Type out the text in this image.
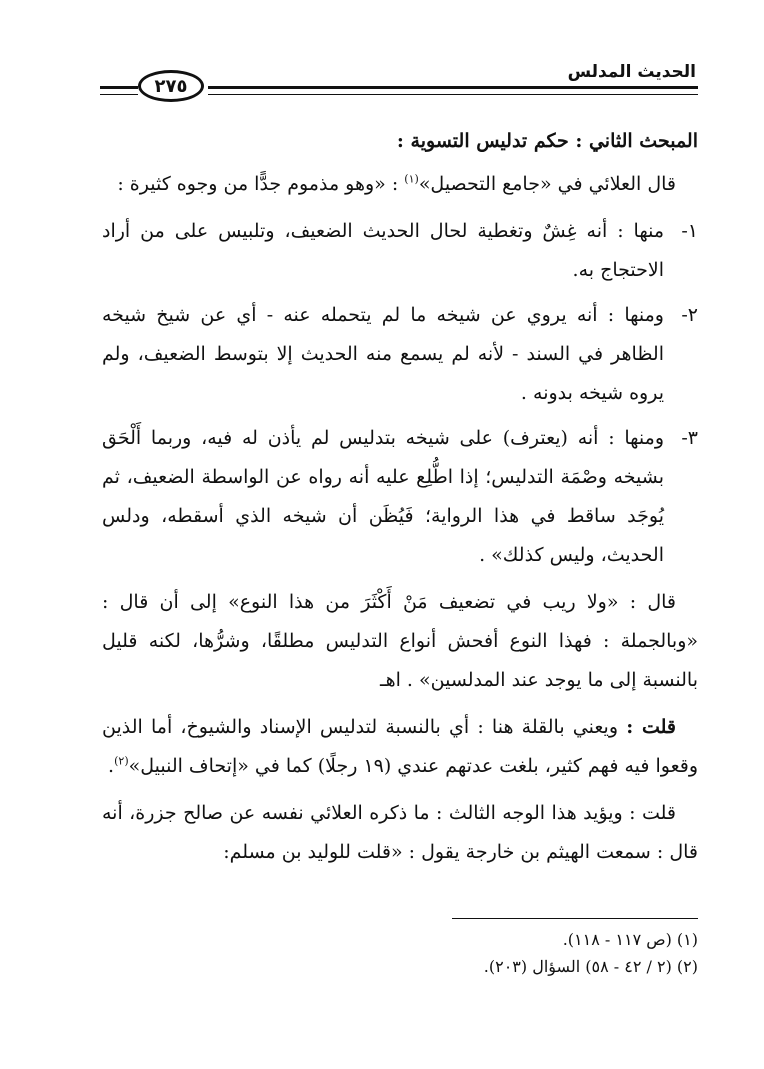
الحديث المدلس
٢٧٥

المبحث الثاني : حكم تدليس التسوية :

قال العلائي في «جامع التحصيل»$^{(١)}$ : «وهو مذموم جدًّا من وجوه كثيرة :

١-
منها : أنه غِشٌ وتغطية لحال الحديث الضعيف، وتلبيس على من أراد الاحتجاج به.
٢-
ومنها : أنه يروي عن شيخه ما لم يتحمله عنه - أي عن شيخ شيخه الظاهر في السند - لأنه لم يسمع منه الحديث إلا بتوسط الضعيف، ولم يروه شيخه بدونه .
٣-
ومنها : أنه (يعترف) على شيخه بتدليس لم يأذن له فيه، وربما أَلْحَق بشيخه وصْمَة التدليس؛ إذا اطُّلِع عليه أنه رواه عن الواسطة الضعيف، ثم يُوجَد ساقط في هذا الرواية؛ فَيُظَن أن شيخه الذي أسقطه، ودلس الحديث، وليس كذلك» .

قال : «ولا ريب في تضعيف مَنْ أَكْثَرَ من هذا النوع» إلى أن قال : «وبالجملة : فهذا النوع أفحش أنواع التدليس مطلقًا، وشرُّها، لكنه قليل بالنسبة إلى ما يوجد عند المدلسين» . اهـ

قلت : ويعني بالقلة هنا : أي بالنسبة لتدليس الإسناد والشيوخ، أما الذين وقعوا فيه فهم كثير، بلغت عدتهم عندي (١٩ رجلًا) كما في «إتحاف النبيل»$^{(٢)}$.

قلت : ويؤيد هذا الوجه الثالث : ما ذكره العلائي نفسه عن صالح جزرة، أنه قال : سمعت الهيثم بن خارجة يقول : «قلت للوليد بن مسلم:

(١) (ص ١١٧ - ١١٨).

(٢) (٢ / ٤٢ - ٥٨) السؤال (٢٠٣).
